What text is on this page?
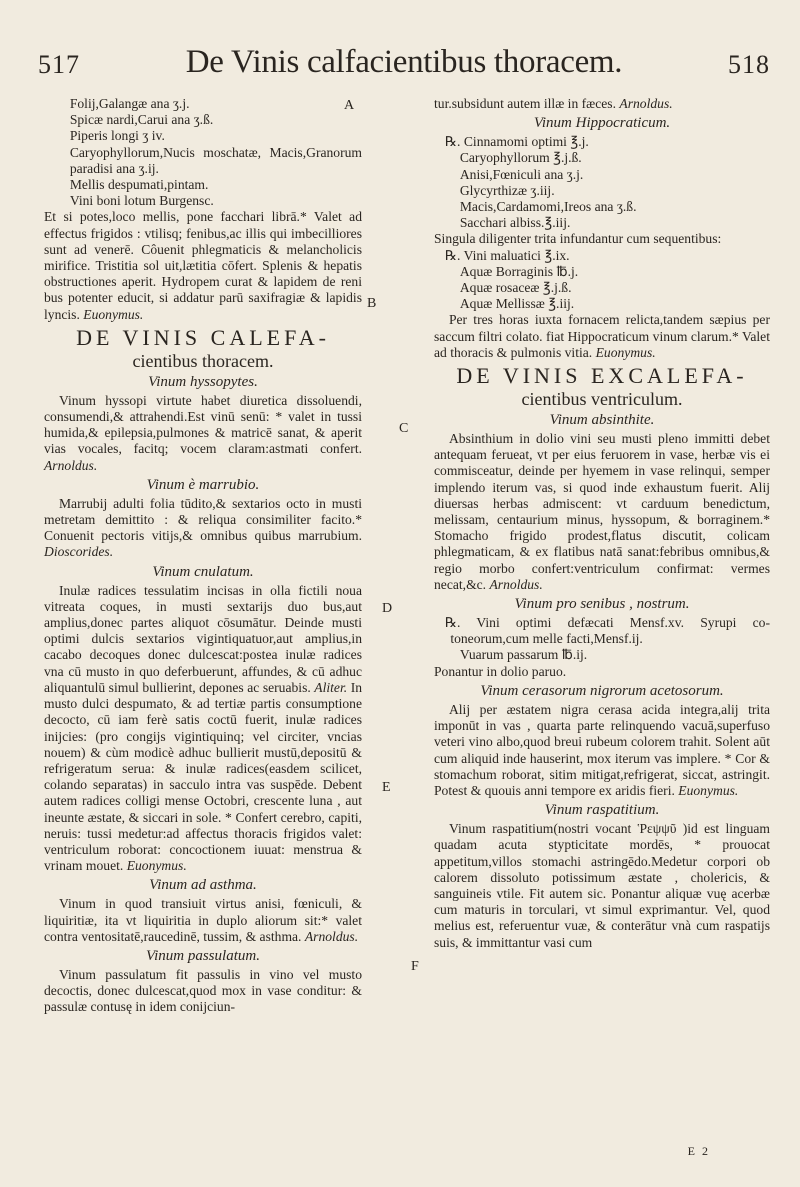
517	De Vinis calfacientibus thoracem.	518
A
B
C
D
E
F

Folij,Galangæ ana ʒ.j.

Spicæ nardi,Carui ana ʒ.ß.

Piperis longi ʒ iv.

Caryophyllorum,Nucis moschatæ, Macis,Granorum paradisi ana ʒ.ij.

Mellis despumati,pintam.

Vini boni lotum Burgensc.

Et si potes,loco mellis, pone facchari librā.* Valet ad effectus frigidos : vtilisq; fenibus,ac illis qui imbecilliores sunt ad venerē. Côuenit phlegmaticis & melancholicis mirifice. Tristitia sol uit,lætitia cōfert. Splenis & hepatis obstructiones aperit. Hydropem curat & lapidem de reni bus potenter educit, si addatur parū saxifragiæ & lapidis lyncis. Euonymus.

DE VINIS CALEFA-
cientibus thoracem.
Vinum hyssopytes.

Vinum hyssopi virtute habet diuretica dissoluendi, consumendi,& attrahendi.Est vinū senū: * valet in tussi humida,& epilepsia,pulmones & matricē sanat, & aperit vias vocales, facitq; vocem claram:astmati confert. Arnoldus.

Vinum è marrubio.

Marrubij adulti folia tūdito,& sextarios octo in musti metretam demittito : & reliqua consimiliter facito.* Conuenit pectoris vitijs,& omnibus quibus marrubium. Dioscorides.

Vinum cnulatum.

Inulæ radices tessulatim incisas in olla fictili noua vitreata coques, in musti sextarijs duo bus,aut amplius,donec partes aliquot cōsumātur. Deinde musti optimi dulcis sextarios vigintiquatuor,aut amplius,in cacabo decoques donec dulcescat:postea inulæ radices vna cū musto in quo deferbuerunt, affundes, & cū adhuc aliquantulū simul bullierint, depones ac seruabis. Aliter. In musto dulci despumato, & ad tertiæ partis consumptione decocto, cū iam ferè satis coctū fuerit, inulæ radices inijcies: (pro congijs vigintiquinq; vel circiter, vncias nouem) & cùm modicè adhuc bullierit mustū,depositū & refrigeratum serua: & inulæ radices(easdem scilicet, colando separatas) in sacculo intra vas suspēde. Debent autem radices colligi mense Octobri, crescente luna , aut ineunte æstate, & siccari in sole. * Confert cerebro, capiti, neruis: tussi medetur:ad affectus thoracis frigidos valet: ventriculum roborat: concoctionem iuuat: menstrua & vrinam mouet. Euonymus.

Vinum ad asthma.

Vinum in quod transiuit virtus anisi, fœniculi, & liquiritiæ, ita vt liquiritia in duplo aliorum sit:* valet contra ventositatē,raucedinē, tussim, & asthma. Arnoldus.

Vinum passulatum.

Vinum passulatum fit passulis in vino vel musto decoctis, donec dulcescat,quod mox in vase conditur: & passulæ contusę in idem conijciun-

tur.subsidunt autem illæ in fæces. Arnoldus.

Vinum Hippocraticum.

℞. Cinnamomi optimi ℥.j.

Caryophyllorum ℥.j.ß.

Anisi,Fœniculi ana ʒ.j.

Glycyrthizæ ʒ.iij.

Macis,Cardamomi,Ireos ana ʒ.ß.

Sacchari albiss.℥.iij.

Singula diligenter trita infundantur cum sequentibus:

℞. Vini maluatici ℥.ix.

Aquæ Borraginis ℔.j.

Aquæ rosaceæ ℥.j.ß.

Aquæ Mellissæ ℥.iij.

Per tres horas iuxta fornacem relicta,tandem sæpius per saccum filtri colato. fiat Hippocraticum vinum clarum.* Valet ad thoracis & pulmonis vitia. Euonymus.

DE VINIS EXCALEFA-
cientibus ventriculum.
Vinum absinthite.

Absinthium in dolio vini seu musti pleno immitti debet antequam ferueat, vt per eius feruorem in vase, herbæ vis ei commisceatur, deinde per hyemem in vase relinqui, semper implendo iterum vas, si quod inde exhaustum fuerit. Alij diuersas herbas admiscent: vt carduum benedictum, melissam, centaurium minus, hyssopum, & borraginem.* Stomacho frigido prodest,flatus discutit, colicam phlegmaticam, & ex flatibus natā sanat:febribus omnibus,& regio morbo confert:ventriculum confirmat: vermes necat,&c. Arnoldus.

Vinum pro senibus , nostrum.

℞. Vini optimi defæcati Mensf.xv. Syrupi co-toneorum,cum melle facti,Mensf.ij.

Vuarum passarum ℔.ij.

Ponantur in dolio paruo.

Vinum cerasorum nigrorum acetosorum.

Alij per æstatem nigra cerasa acida integra,alij trita imponūt in vas , quarta parte relinquendo vacuā,superfuso veteri vino albo,quod breui rubeum colorem trahit. Solent aūt cum aliquid inde hauserint, mox iterum vas implere. * Cor & stomachum roborat, sitim mitigat,refrigerat, siccat, astringit. Potest & quouis anni tempore ex aridis fieri. Euonymus.

Vinum raspatitium.

Vinum raspatitium(nostri vocant Ῥεψψῦ )id est linguam quadam acuta stypticitate mordēs, * prouocat appetitum,villos stomachi astringēdo.Medetur corpori ob calorem dissoluto potissimum æstate , cholericis, & sanguineis vtile. Fit autem sic. Ponantur aliquæ vuę acerbæ cum maturis in torculari, vt simul exprimantur. Vel, quod melius est, referuentur vuæ, & conterātur vnà cum raspatijs suis, & immittantur vasi cum

E 2
